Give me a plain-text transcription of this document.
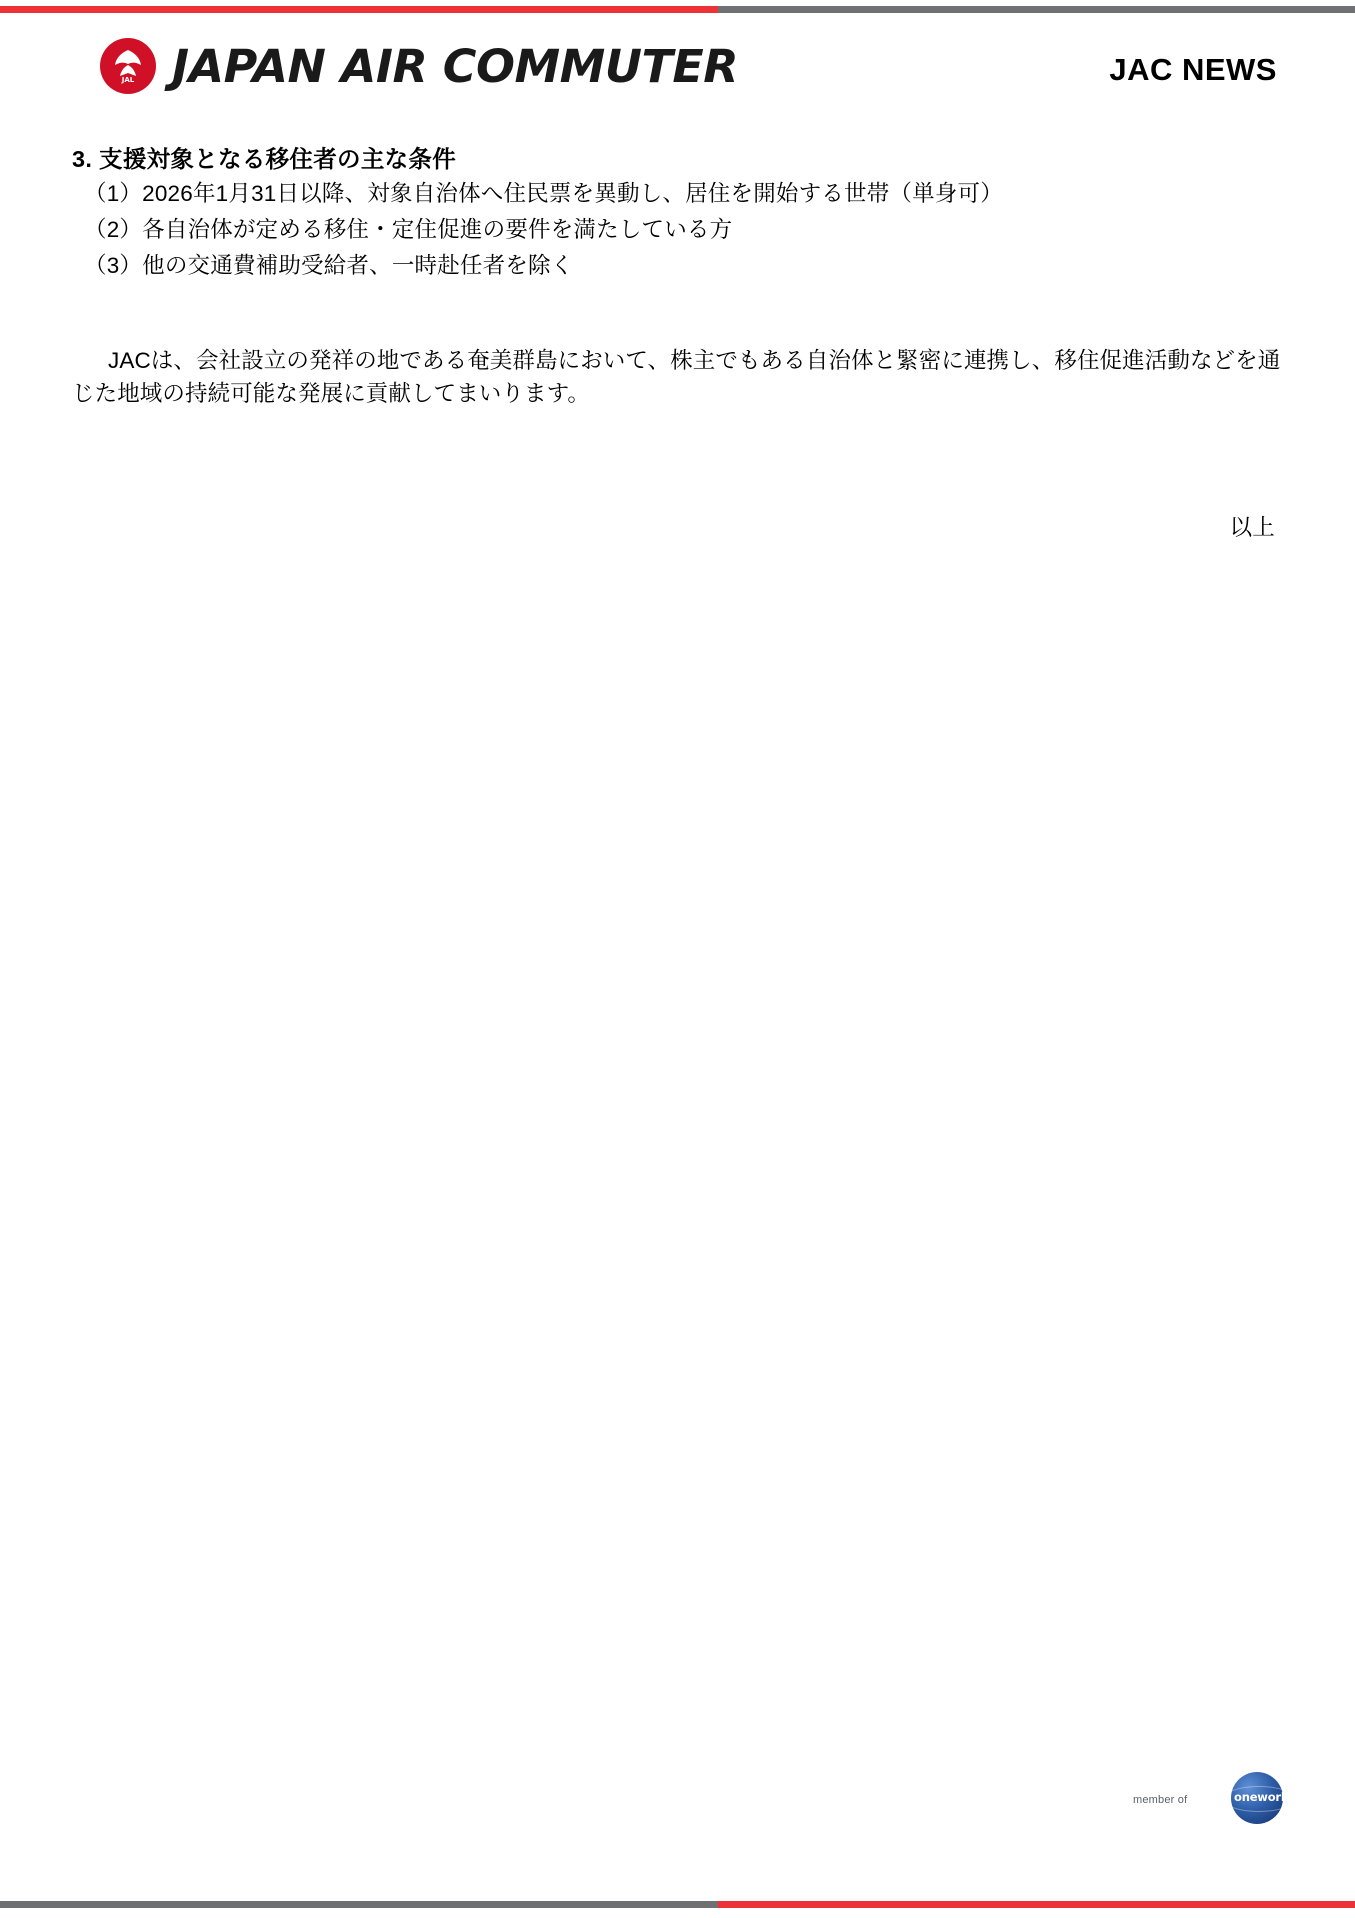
JAL JAPAN AIR COMMUTER	JAC NEWS
3. 支援対象となる移住者の主な条件
（1）2026年1月31日以降、対象自治体へ住民票を異動し、居住を開始する世帯（単身可）
（2）各自治体が定める移住・定住促進の要件を満たしている方
（3）他の交通費補助受給者、一時赴任者を除く
JACは、会社設立の発祥の地である奄美群島において、株主でもある自治体と緊密に連携し、移住促進活動などを通じた地域の持続可能な発展に貢献してまいります。
以上
member of	oneworld
